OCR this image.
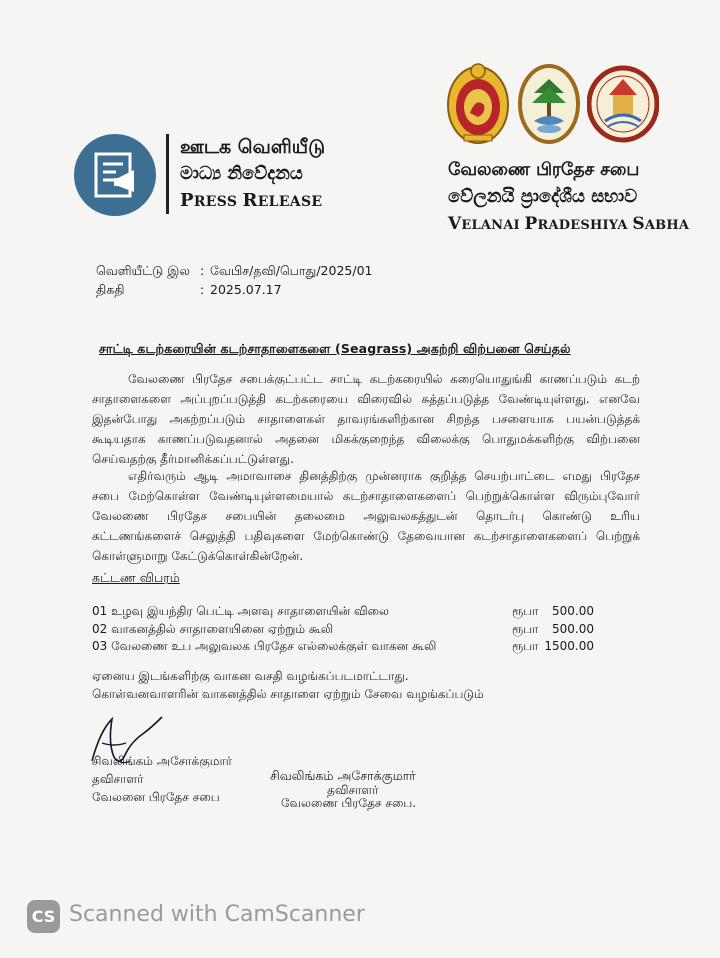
ஊடக வெளியீடு
මාධ්‍ය නිවේදනය
PRESS RELEASE
வேலணை பிரதேச சபை
වේලනයි ප්‍රාදේශීය සභාව
VELANAI PRADESHIYA SABHA
வெளியீட்டு இல : வேபிச/தவி/பொது/2025/01
திகதி	: 2025.07.17
சாட்டி கடற்கரையின் கடற்சாதாளைகளை (Seagrass) அகற்றி விற்பனை செய்தல்
வேலணை பிரதேச சபைக்குட்பட்ட சாட்டி கடற்கரையில் கரையொதுங்கி காணப்படும் கடற்
சாதாளைகளை அப்புறப்படுத்தி கடற்கரையை விரைவில் சுத்தப்படுத்த வேண்டியுள்ளது. எனவே
இதன்போது அகற்றப்படும் சாதாளைகள் தாவரங்களிற்கான சிறந்த பசளையாக பயன்படுத்தக்
கூடியதாக காணப்படுவதனால் அதனை மிகக்குறைந்த விலைக்கு பொதுமக்களிற்கு விற்பனை
செய்வதற்கு தீர்மானிக்கப்பட்டுள்ளது.
எதிர்வரும் ஆடி அமாவாசை தினத்திற்கு முன்னராக குறித்த செயற்பாட்டை எமது பிரதேச
சபை மேற்கொள்ள வேண்டியுள்ளமையால் கடற்சாதாளைகளைப் பெற்றுக்கொள்ள விரும்புவோர்
வேலணை பிரதேச சபையின் தலைமை அலுவலகத்துடன் தொடர்பு கொண்டு உரிய
கட்டணங்களைச் செலுத்தி பதிவுகளை மேற்கொண்டு தேவையான கடற்சாதாளைகளைப் பெற்றுக்
கொள்ளுமாறு கேட்டுக்கொள்கின்றேன்.
கட்டண விபரம்
01 உழவு இயந்திர பெட்டி அளவு சாதாளையின் விலை	ரூபா	500.00
02 வாகனத்தில் சாதாளையினை ஏற்றும் கூலி	ரூபா	500.00
03 வேலணை உப அலுவலக பிரதேச எல்லைக்குள் வாகன கூலி	ரூபா 1500.00
ஏனைய இடங்களிற்கு வாகன வசதி வழங்கப்படமாட்டாது.
கொள்வனவாளரின் வாகனத்தில் சாதாளை ஏற்றும் சேவை வழங்கப்படும்
சிவலிங்கம் அசோக்குமார்
தவிசாளர்
வேலனை பிரதேச சபை
சிவலிங்கம் அசோக்குமார்
தவிசாளர்
வேலணை பிரதேச சபை.
CS Scanned with CamScanner
